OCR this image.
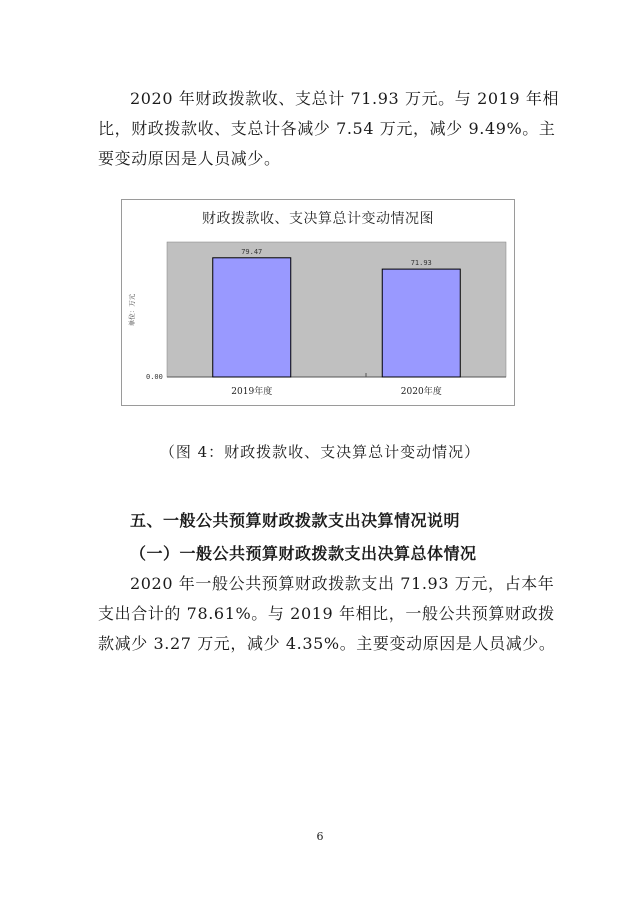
2020 年财政拨款收、支总计 71.93 万元。与 2019 年相
比，财政拨款收、支总计各减少 7.54 万元，减少 9.49%。主
要变动原因是人员减少。
财政拨款收、支决算总计变动情况图
单位：万元
0.00
79.47
2019年度
71.93
2020年度
（图 4：财政拨款收、支决算总计变动情况）
五、一般公共预算财政拨款支出决算情况说明
（一）一般公共预算财政拨款支出决算总体情况
2020 年一般公共预算财政拨款支出 71.93 万元，占本年
支出合计的 78.61%。与 2019 年相比，一般公共预算财政拨
款减少 3.27 万元，减少 4.35%。主要变动原因是人员减少。
6
